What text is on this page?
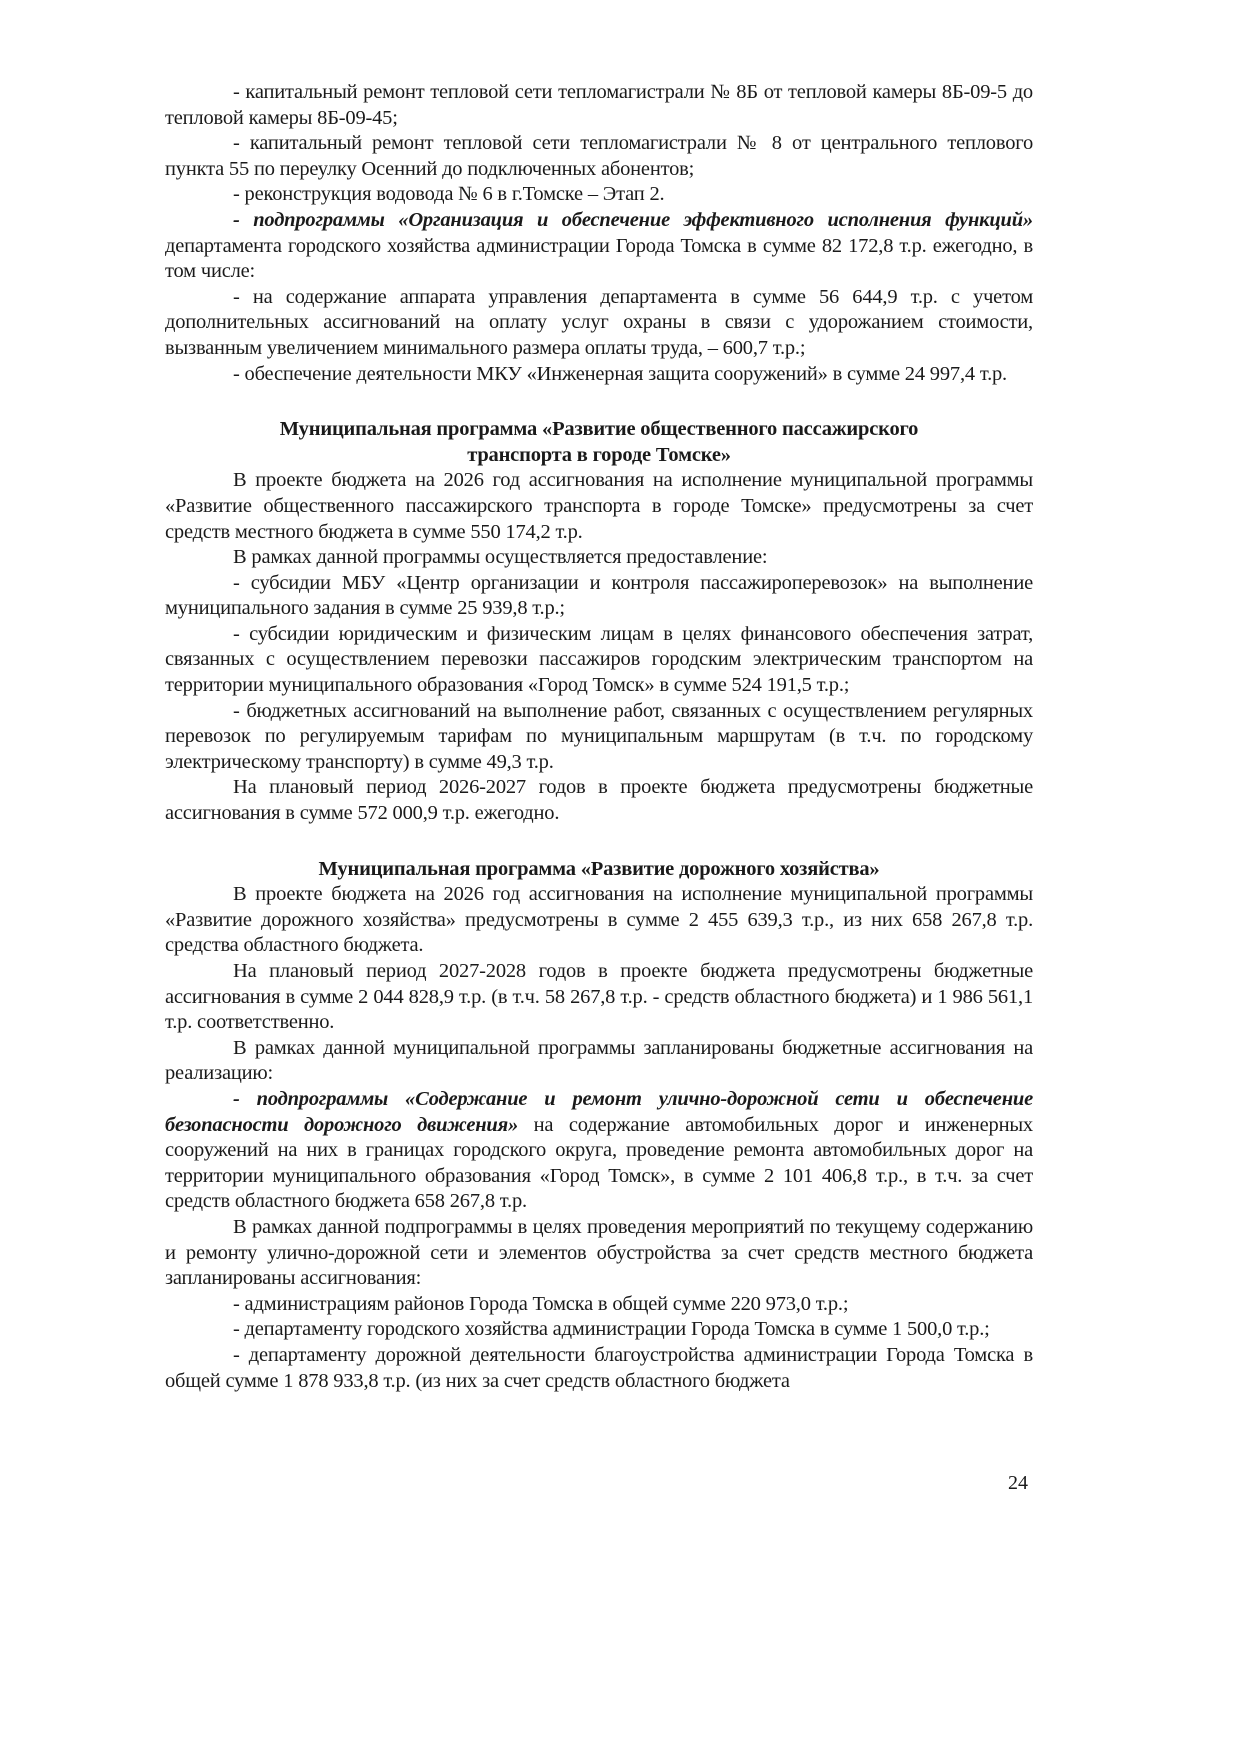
- капитальный ремонт тепловой сети тепломагистрали № 8Б от тепловой камеры 8Б-09-5 до тепловой камеры 8Б-09-45;

- капитальный ремонт тепловой сети тепломагистрали № 8 от центрального теплового пункта 55 по переулку Осенний до подключенных абонентов;

- реконструкция водовода № 6 в г.Томске – Этап 2.

- подпрограммы «Организация и обеспечение эффективного исполнения функций» департамента городского хозяйства администрации Города Томска в сумме 82 172,8 т.р. ежегодно, в том числе:

- на содержание аппарата управления департамента в сумме 56 644,9 т.р. с учетом дополнительных ассигнований на оплату услуг охраны в связи с удорожанием стоимости, вызванным увеличением минимального размера оплаты труда, – 600,7 т.р.;

- обеспечение деятельности МКУ «Инженерная защита сооружений» в сумме 24 997,4 т.р.

Муниципальная программа «Развитие общественного пассажирского
транспорта в городе Томске»

В проекте бюджета на 2026 год ассигнования на исполнение муниципальной программы «Развитие общественного пассажирского транспорта в городе Томске» предусмотрены за счет средств местного бюджета в сумме 550 174,2 т.р.

В рамках данной программы осуществляется предоставление:

- субсидии МБУ «Центр организации и контроля пассажироперевозок» на выполнение муниципального задания в сумме 25 939,8 т.р.;

- субсидии юридическим и физическим лицам в целях финансового обеспечения затрат, связанных с осуществлением перевозки пассажиров городским электрическим транспортом на территории муниципального образования «Город Томск» в сумме 524 191,5 т.р.;

- бюджетных ассигнований на выполнение работ, связанных с осуществлением регулярных перевозок по регулируемым тарифам по муниципальным маршрутам (в т.ч. по городскому электрическому транспорту) в сумме 49,3 т.р.

На плановый период 2026-2027 годов в проекте бюджета предусмотрены бюджетные ассигнования в сумме 572 000,9 т.р. ежегодно.

Муниципальная программа «Развитие дорожного хозяйства»

В проекте бюджета на 2026 год ассигнования на исполнение муниципальной программы «Развитие дорожного хозяйства» предусмотрены в сумме 2 455 639,3 т.р., из них 658 267,8 т.р. средства областного бюджета.

На плановый период 2027-2028 годов в проекте бюджета предусмотрены бюджетные ассигнования в сумме 2 044 828,9 т.р. (в т.ч. 58 267,8 т.р. - средств областного бюджета) и 1 986 561,1 т.р. соответственно.

В рамках данной муниципальной программы запланированы бюджетные ассигнования на реализацию:

- подпрограммы «Содержание и ремонт улично-дорожной сети и обеспечение безопасности дорожного движения» на содержание автомобильных дорог и инженерных сооружений на них в границах городского округа, проведение ремонта автомобильных дорог на территории муниципального образования «Город Томск», в сумме 2 101 406,8 т.р., в т.ч. за счет средств областного бюджета 658 267,8 т.р.

В рамках данной подпрограммы в целях проведения мероприятий по текущему содержанию и ремонту улично-дорожной сети и элементов обустройства за счет средств местного бюджета запланированы ассигнования:

- администрациям районов Города Томска в общей сумме 220 973,0 т.р.;

- департаменту городского хозяйства администрации Города Томска в сумме 1 500,0 т.р.;

- департаменту дорожной деятельности благоустройства администрации Города Томска в общей сумме 1 878 933,8 т.р. (из них за счет средств областного бюджета

24
